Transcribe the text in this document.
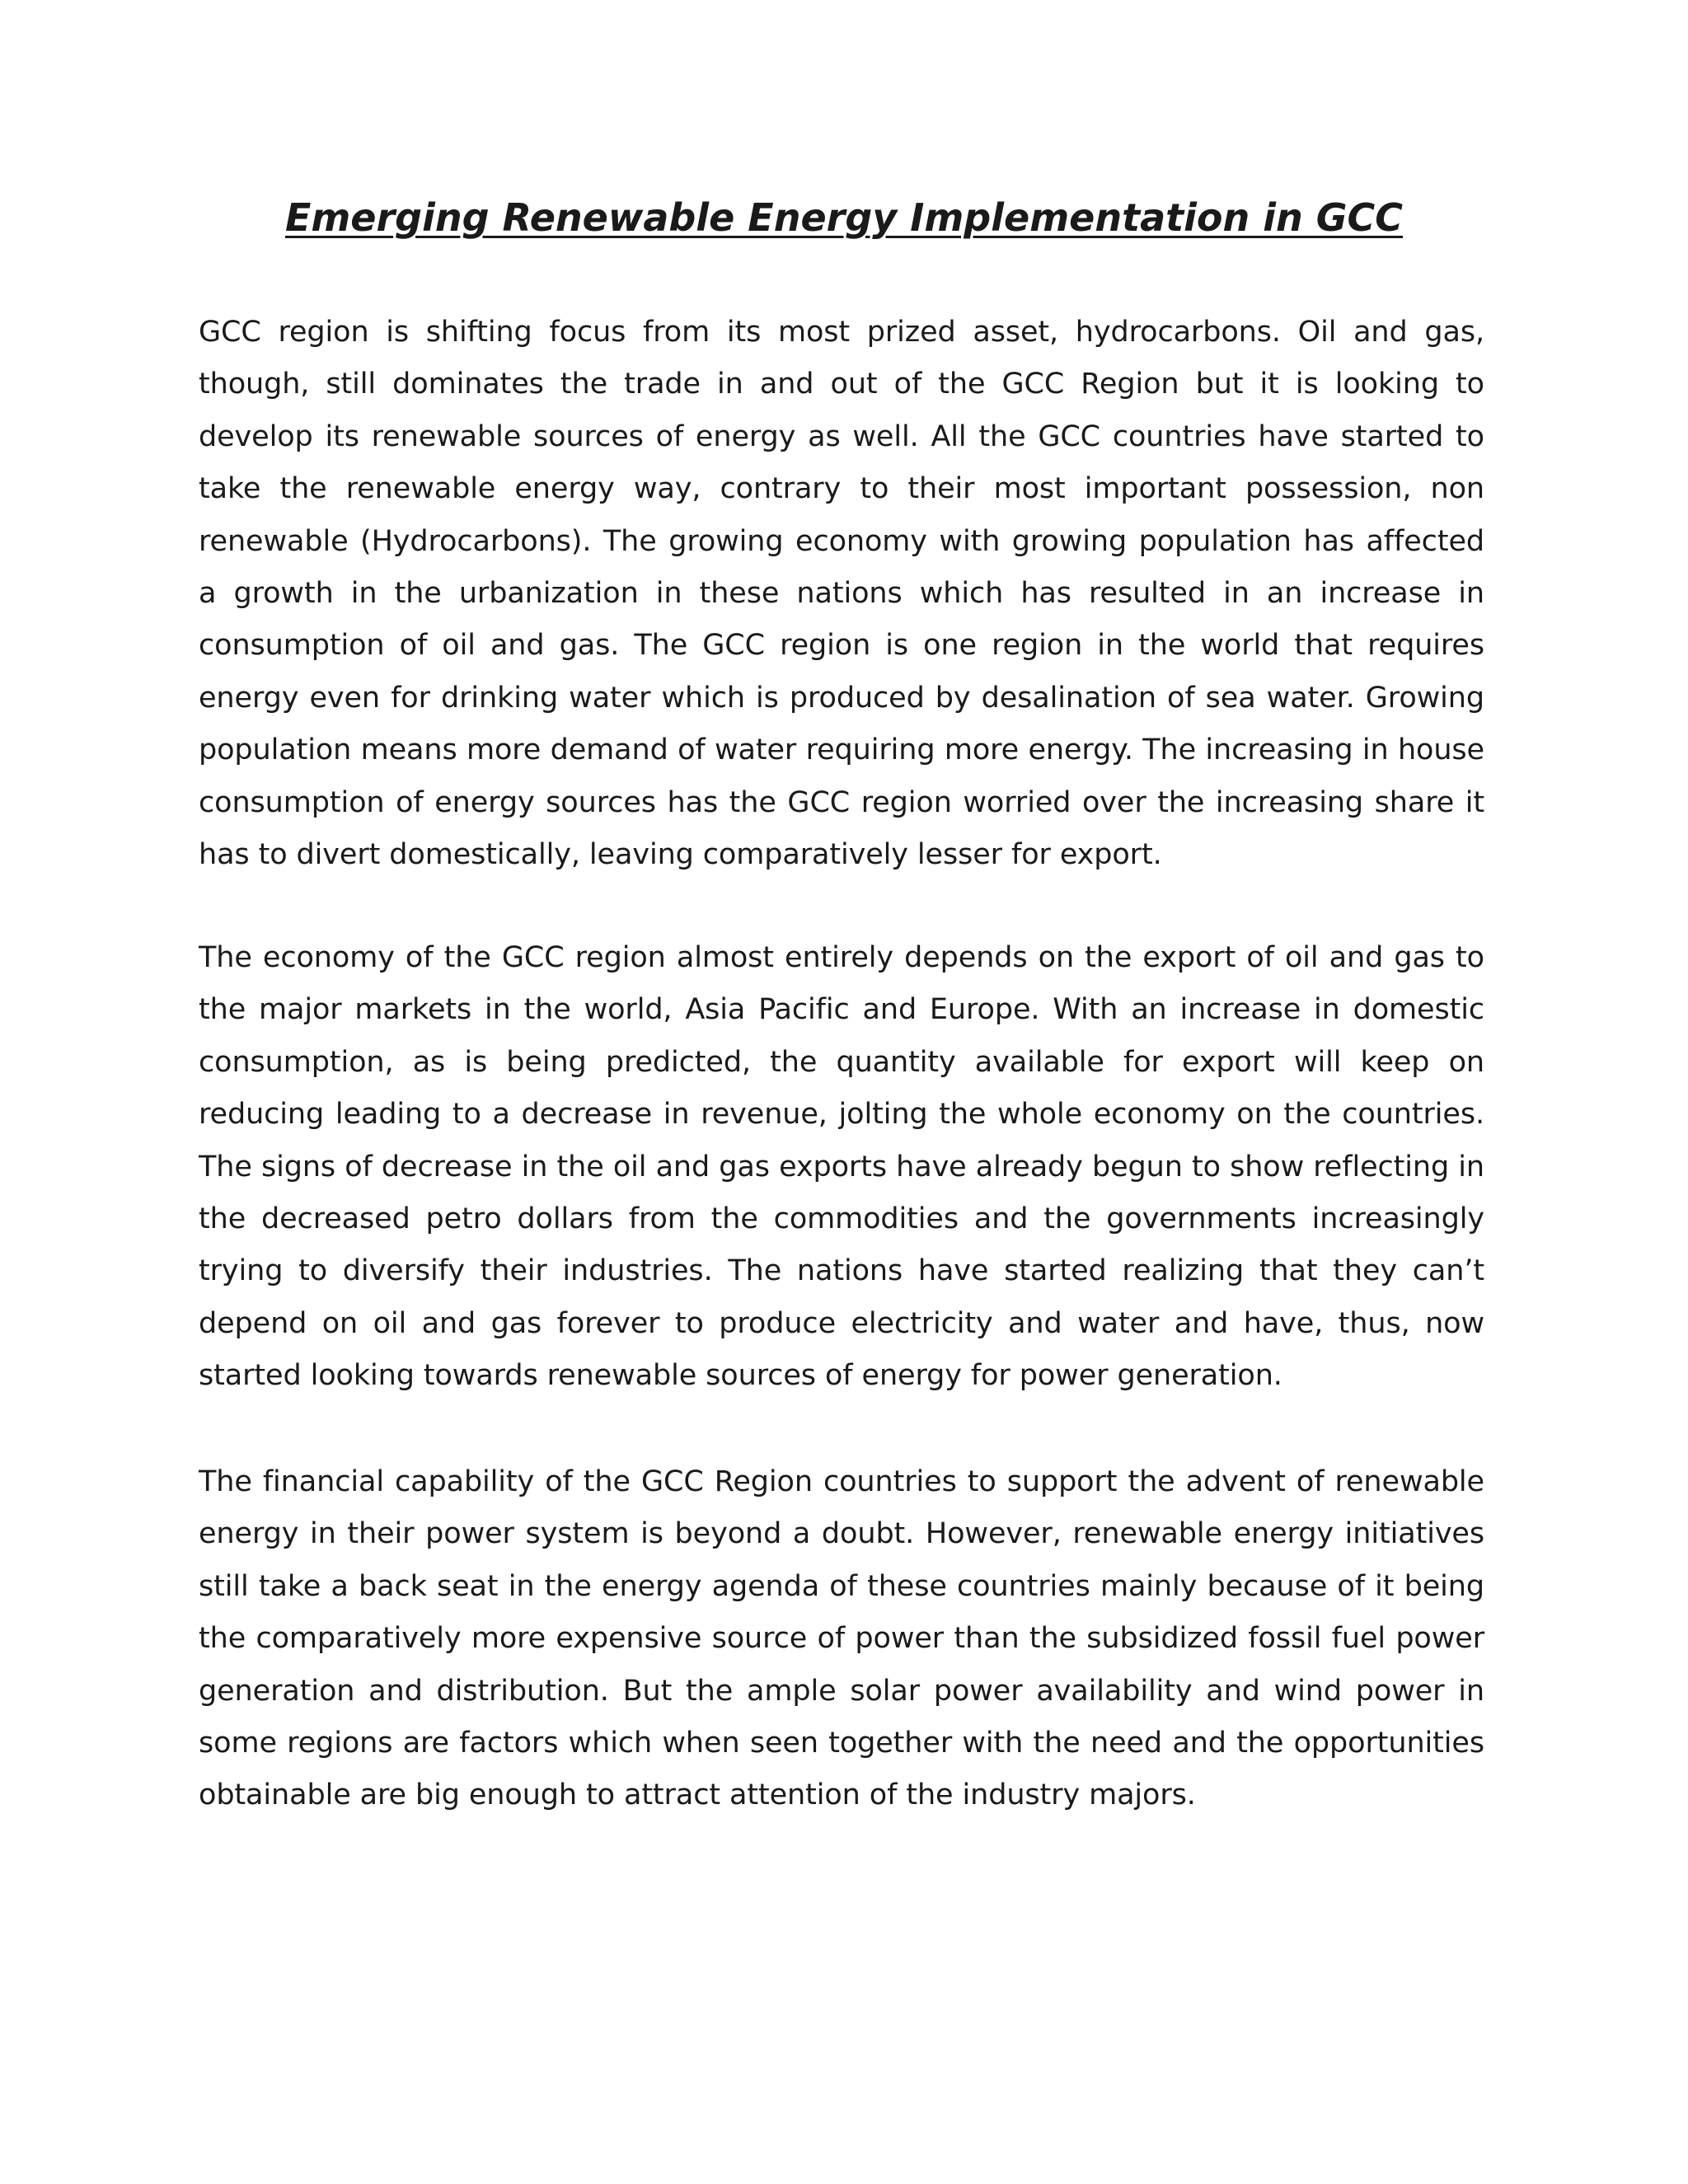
Emerging Renewable Energy Implementation in GCC

GCC region is shifting focus from its most prized asset, hydrocarbons. Oil and gas, though, still dominates the trade in and out of the GCC Region but it is looking to develop its renewable sources of energy as well. All the GCC countries have started to take the renewable energy way, contrary to their most important possession, non renewable (Hydrocarbons). The growing economy with growing population has affected a growth in the urbanization in these nations which has resulted in an increase in consumption of oil and gas. The GCC region is one region in the world that requires energy even for drinking water which is produced by desalination of sea water. Growing population means more demand of water requiring more energy. The increasing in house consumption of energy sources has the GCC region worried over the increasing share it has to divert domestically, leaving comparatively lesser for export.

The economy of the GCC region almost entirely depends on the export of oil and gas to the major markets in the world, Asia Pacific and Europe. With an increase in domestic consumption, as is being predicted, the quantity available for export will keep on reducing leading to a decrease in revenue, jolting the whole economy on the countries. The signs of decrease in the oil and gas exports have already begun to show reflecting in the decreased petro dollars from the commodities and the governments increasingly trying to diversify their industries. The nations have started realizing that they can’t depend on oil and gas forever to produce electricity and water and have, thus, now started looking towards renewable sources of energy for power generation.

The financial capability of the GCC Region countries to support the advent of renewable energy in their power system is beyond a doubt. However, renewable energy initiatives still take a back seat in the energy agenda of these countries mainly because of it being the comparatively more expensive source of power than the subsidized fossil fuel power generation and distribution. But the ample solar power availability and wind power in some regions are factors which when seen together with the need and the opportunities obtainable are big enough to attract attention of the industry majors.
